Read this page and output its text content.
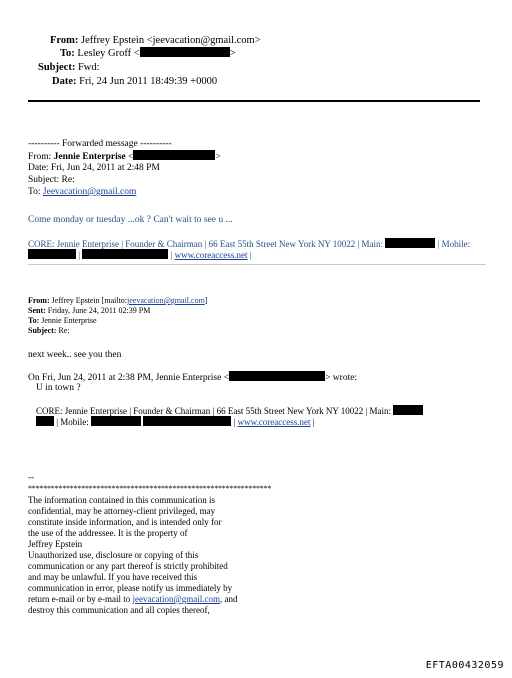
From: Jeffrey Epstein <jeevacation@gmail.com>
To: Lesley Groff <	>
Subject: Fwd:
Date: Fri, 24 Jun 2011 18:49:39 +0000
---------- Forwarded message ----------
From: Jennie Enterprise <	>
Date: Fri, Jun 24, 2011 at 2:48 PM
Subject: Re:
To: Jeevacation@gmail.com
Come monday or tuesday ...ok ? Can't wait to see u ...
CORE: Jennie Enterprise | Founder & Chairman | 66 East 55th Street New York NY 10022 | Main:	| Mobile:
|	| www.coreaccess.net |
From: Jeffrey Epstein [mailto:jeevacation@gmail.com]
Sent: Friday, June 24, 2011 02:39 PM
To: Jennie Enterprise
Subject: Re:
next week.. see you then
On Fri, Jun 24, 2011 at 2:38 PM, Jennie Enterprise <	> wrote:
U in town ?
CORE: Jennie Enterprise | Founder & Chairman | 66 East 55th Street New York NY 10022 | Main:
| Mobile:	| www.coreaccess.net |
--
****************************************************************
The information contained in this communication is
confidential, may be attorney-client privileged, may
constitute inside information, and is intended only for
the use of the addressee. It is the property of
Jeffrey Epstein
Unauthorized use, disclosure or copying of this
communication or any part thereof is strictly prohibited
and may be unlawful. If you have received this
communication in error, please notify us immediately by
return e-mail or by e-mail to jeevacation@gmail.com, and
destroy this communication and all copies thereof,
EFTA00432059
